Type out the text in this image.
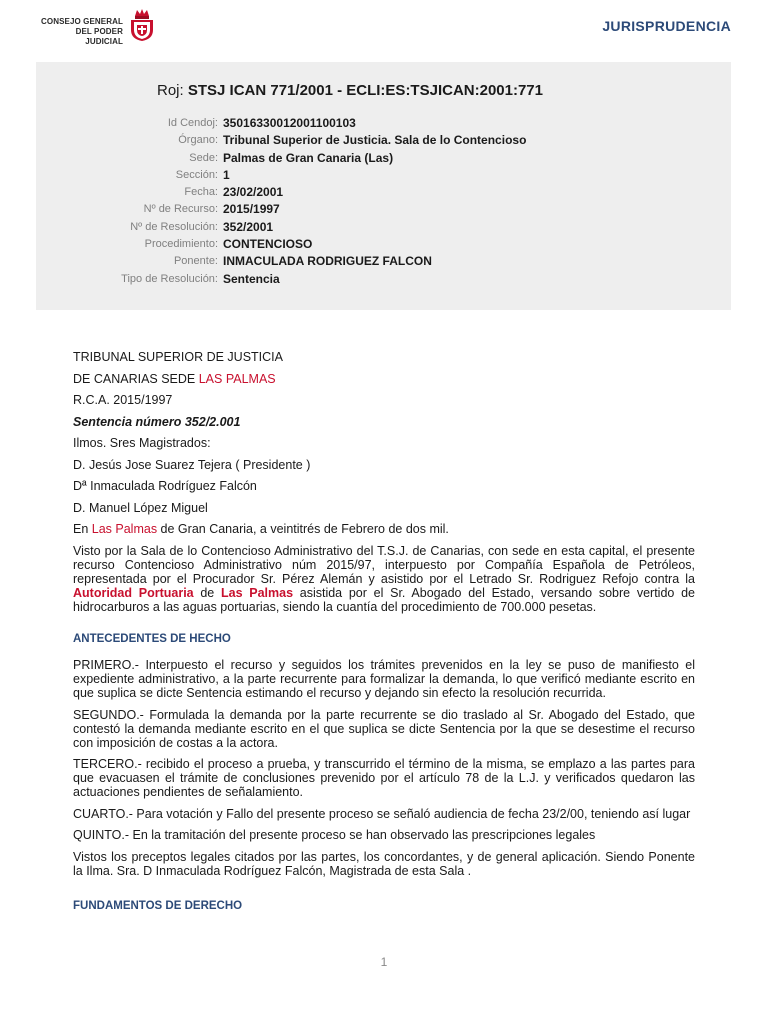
CONSEJO GENERAL
DEL PODER JUDICIAL
JURISPRUDENCIA
Roj: STSJ ICAN 771/2001 - ECLI:ES:TSJICAN:2001:771
Id Cendoj: 35016330012001100103
Órgano: Tribunal Superior de Justicia. Sala de lo Contencioso
Sede: Palmas de Gran Canaria (Las)
Sección: 1
Fecha: 23/02/2001
Nº de Recurso: 2015/1997
Nº de Resolución: 352/2001
Procedimiento: CONTENCIOSO
Ponente: INMACULADA RODRIGUEZ FALCON
Tipo de Resolución: Sentencia
TRIBUNAL SUPERIOR DE JUSTICIA
DE CANARIAS SEDE LAS PALMAS
R.C.A. 2015/1997
Sentencia número 352/2.001
Ilmos. Sres Magistrados:
D. Jesús Jose Suarez Tejera ( Presidente )
Dª Inmaculada Rodríguez Falcón
D. Manuel López Miguel
En Las Palmas de Gran Canaria, a veintitrés de Febrero de dos mil.
Visto por la Sala de lo Contencioso Administrativo del T.S.J. de Canarias, con sede en esta capital, el presente recurso Contencioso Administrativo núm 2015/97, interpuesto por Compañía Española de Petróleos, representada por el Procurador Sr. Pérez Alemán y asistido por el Letrado Sr. Rodriguez Refojo contra la Autoridad Portuaria de Las Palmas asistida por el Sr. Abogado del Estado, versando sobre vertido de hidrocarburos a las aguas portuarias, siendo la cuantía del procedimiento de 700.000 pesetas.
ANTECEDENTES DE HECHO
PRIMERO.- Interpuesto el recurso y seguidos los trámites prevenidos en la ley se puso de manifiesto el expediente administrativo, a la parte recurrente para formalizar la demanda, lo que verificó mediante escrito en que suplica se dicte Sentencia estimando el recurso y dejando sin efecto la resolución recurrida.
SEGUNDO.- Formulada la demanda por la parte recurrente se dio traslado al Sr. Abogado del Estado, que contestó la demanda mediante escrito en el que suplica se dicte Sentencia por la que se desestime el recurso con imposición de costas a la actora.
TERCERO.- recibido el proceso a prueba, y transcurrido el término de la misma, se emplazo a las partes para que evacuasen el trámite de conclusiones prevenido por el artículo 78 de la L.J. y verificados quedaron las actuaciones pendientes de señalamiento.
CUARTO.- Para votación y Fallo del presente proceso se señaló audiencia de fecha 23/2/00, teniendo así lugar
QUINTO.- En la tramitación del presente proceso se han observado las prescripciones legales
Vistos los preceptos legales citados por las partes, los concordantes, y de general aplicación. Siendo Ponente la Ilma. Sra. D Inmaculada Rodríguez Falcón, Magistrada de esta Sala .
FUNDAMENTOS DE DERECHO
1
